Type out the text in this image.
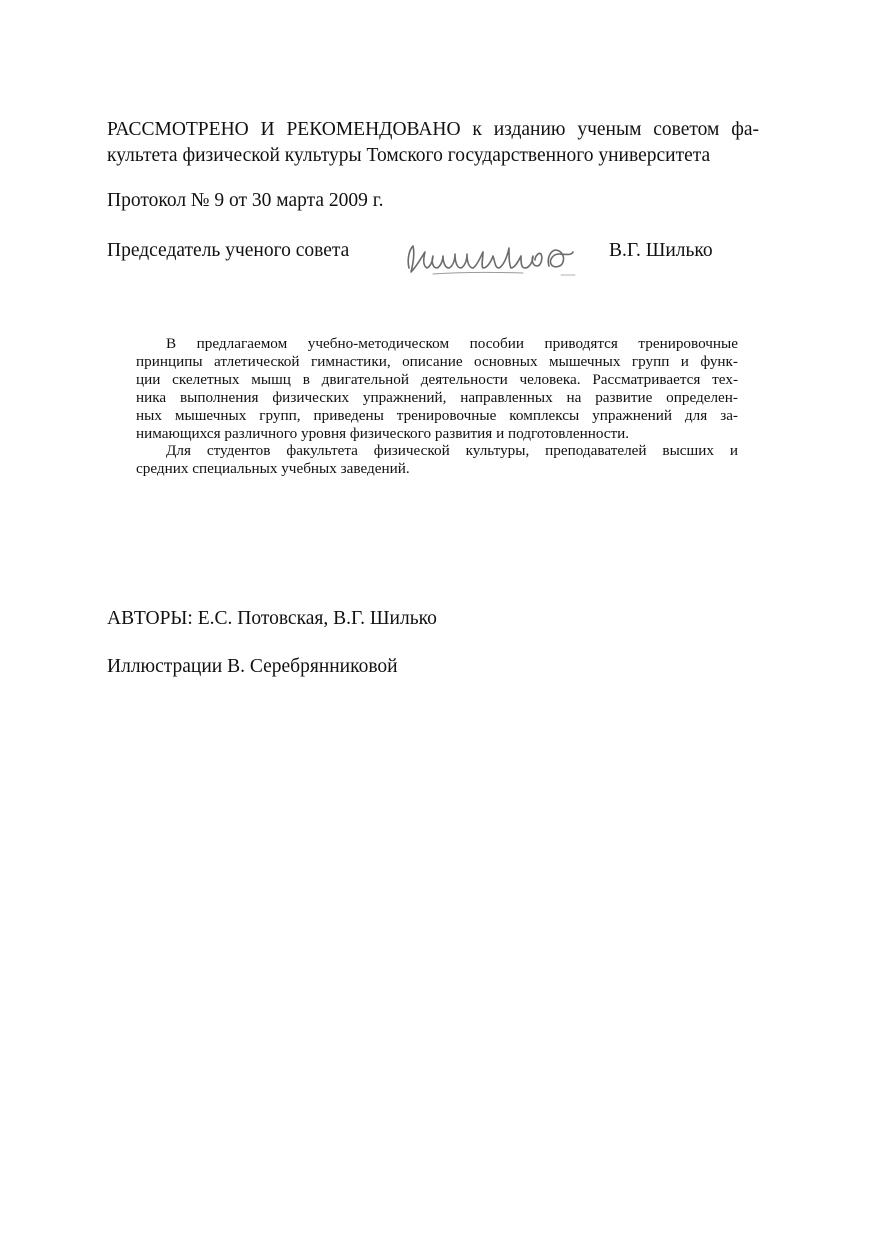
РАССМОТРЕНО И РЕКОМЕНДОВАНО к изданию ученым советом фа-
культета физической культуры Томского государственного университета
Протокол № 9 от 30 марта 2009 г.
Председатель ученого совета	В.Г. Шилько
В предлагаемом учебно-методическом пособии приводятся тренировочные
принципы атлетической гимнастики, описание основных мышечных групп и функ-
ции скелетных мышц в двигательной деятельности человека. Рассматривается тех-
ника выполнения физических упражнений, направленных на развитие определен-
ных мышечных групп, приведены тренировочные комплексы упражнений для за-
нимающихся различного уровня физического развития и подготовленности.
Для студентов факультета физической культуры, преподавателей высших и
средних специальных учебных заведений.
АВТОРЫ: Е.С. Потовская, В.Г. Шилько
Иллюстрации В. Серебрянниковой
